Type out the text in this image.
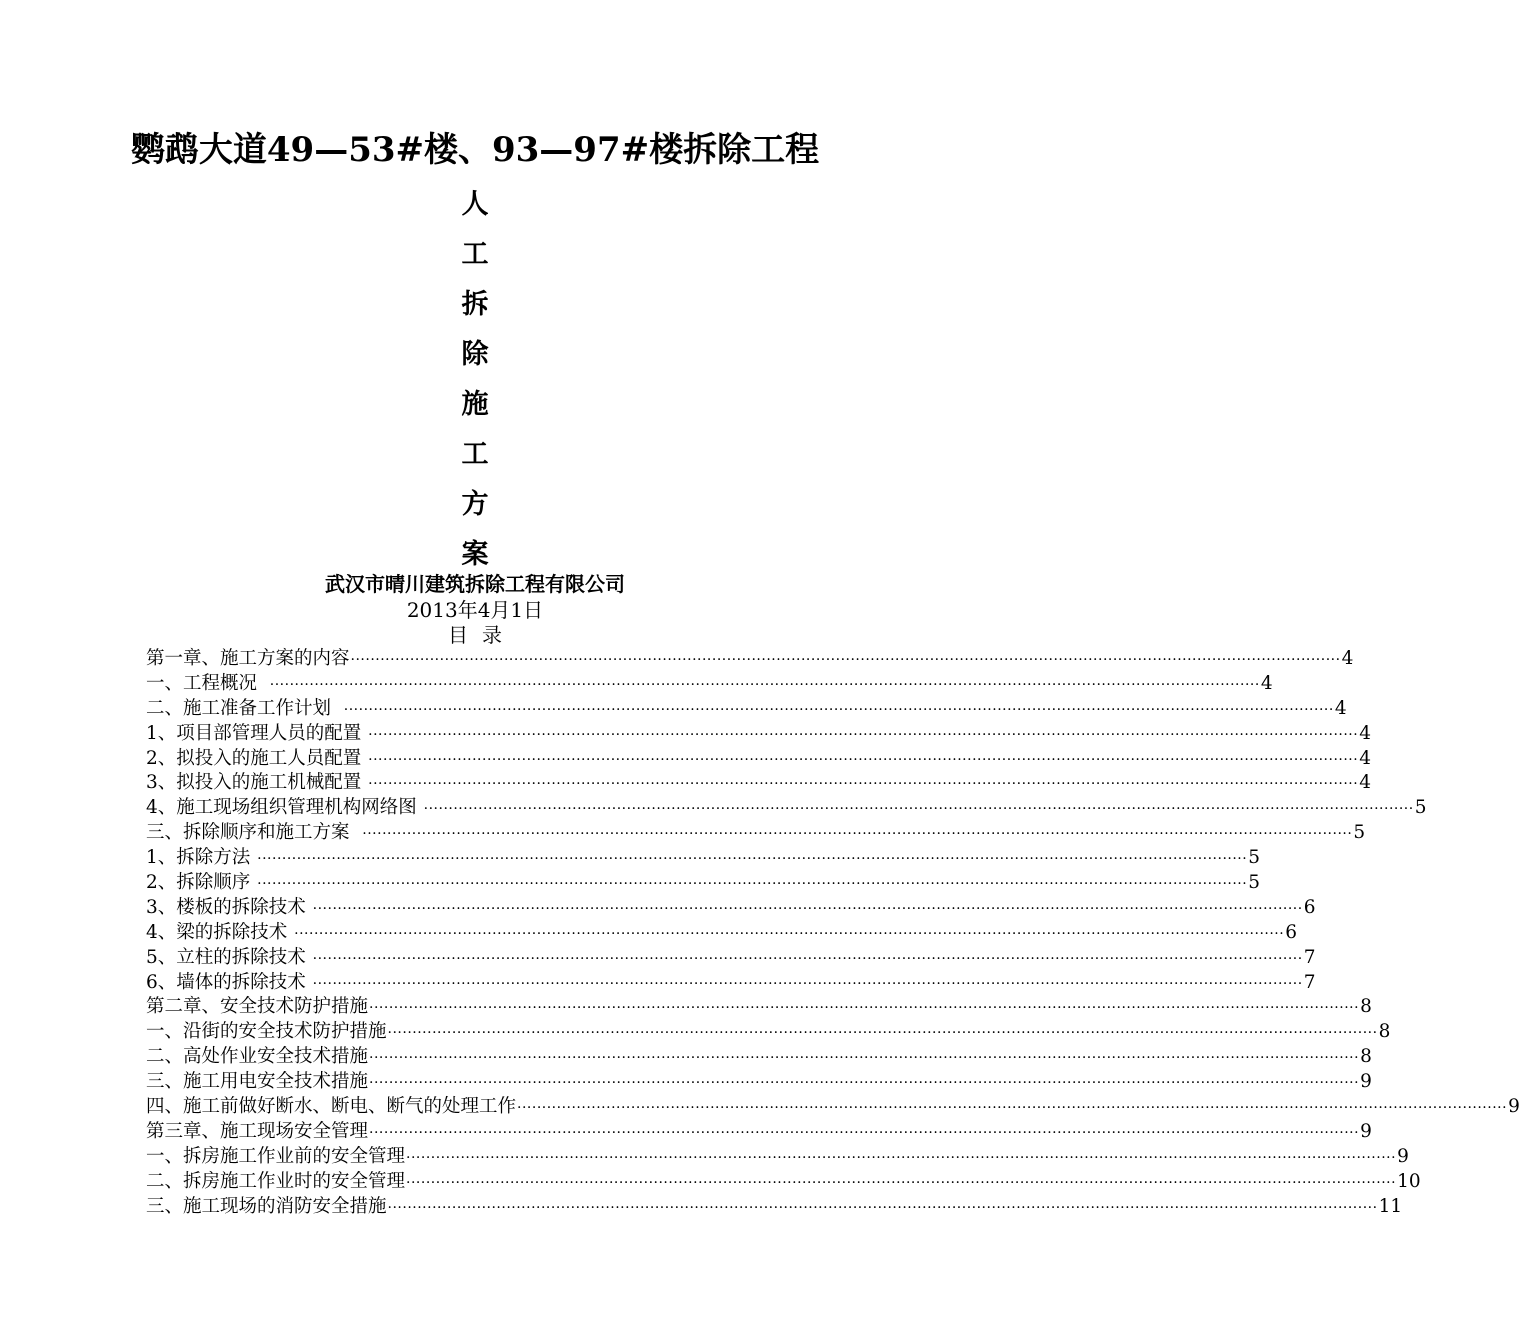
鹦鹉大道49—53#楼、93—97#楼拆除工程
人
工
拆
除
施
工
方
案
武汉市晴川建筑拆除工程有限公司
2013年4月1日
目录
第一章、施工方案的内容 ········································································································································································································ 4
一、工程概况 ········································································································································································································ 4
二、施工准备工作计划 ········································································································································································································ 4
1、项目部管理人员的配置 ········································································································································································································ 4
2、拟投入的施工人员配置 ········································································································································································································ 4
3、拟投入的施工机械配置 ········································································································································································································ 4
4、施工现场组织管理机构网络图 ········································································································································································································ 5
三、拆除顺序和施工方案 ········································································································································································································ 5
1、拆除方法 ········································································································································································································ 5
2、拆除顺序 ········································································································································································································ 5
3、楼板的拆除技术 ········································································································································································································ 6
4、梁的拆除技术 ········································································································································································································ 6
5、立柱的拆除技术 ········································································································································································································ 7
6、墙体的拆除技术 ········································································································································································································ 7
第二章、安全技术防护措施 ········································································································································································································ 8
一、沿街的安全技术防护措施 ········································································································································································································ 8
二、高处作业安全技术措施 ········································································································································································································ 8
三、施工用电安全技术措施 ········································································································································································································ 9
四、施工前做好断水、断电、断气的处理工作 ········································································································································································································ 9
第三章、施工现场安全管理 ········································································································································································································ 9
一、拆房施工作业前的安全管理 ········································································································································································································ 9
二、拆房施工作业时的安全管理 ········································································································································································································ 10
三、施工现场的消防安全措施 ········································································································································································································ 11
